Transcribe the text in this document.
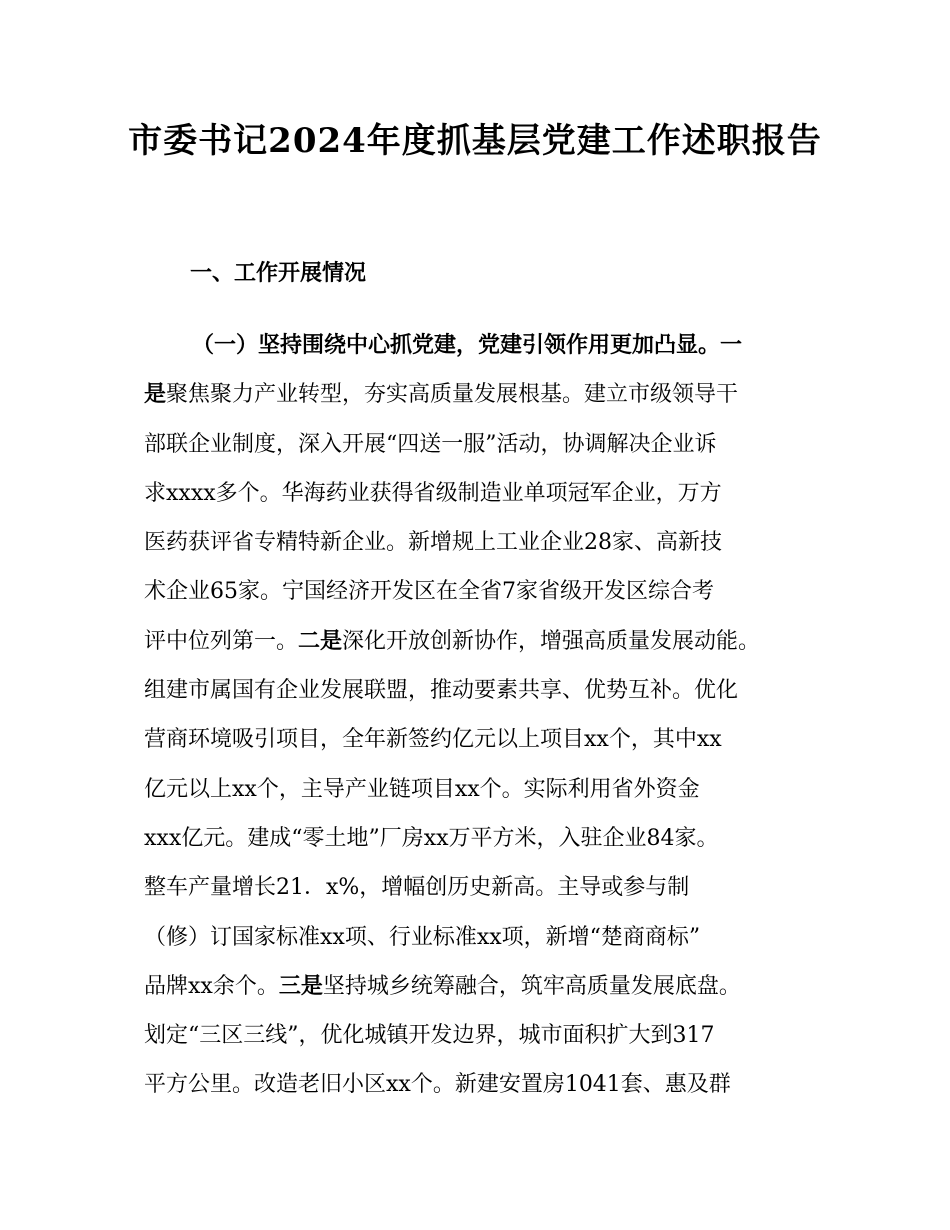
市委书记2024年度抓基层党建工作述职报告
一、工作开展情况
（一）坚持围绕中心抓党建，党建引领作用更加凸显。一
是聚焦聚力产业转型，夯实高质量发展根基。建立市级领导干
部联企业制度，深入开展“四送一服”活动，协调解决企业诉
求xxxx多个。华海药业获得省级制造业单项冠军企业，万方
医药获评省专精特新企业。新增规上工业企业28家、高新技
术企业65家。宁国经济开发区在全省7家省级开发区综合考
评中位列第一。二是深化开放创新协作，增强高质量发展动能。
组建市属国有企业发展联盟，推动要素共享、优势互补。优化
营商环境吸引项目，全年新签约亿元以上项目xx个，其中xx
亿元以上xx个，主导产业链项目xx个。实际利用省外资金
xxx亿元。建成“零土地”厂房xx万平方米，入驻企业84家。
整车产量增长21．x%，增幅创历史新高。主导或参与制
（修）订国家标准xx项、行业标准xx项，新增“楚商商标”
品牌xx余个。三是坚持城乡统筹融合，筑牢高质量发展底盘。
划定“三区三线”，优化城镇开发边界，城市面积扩大到317
平方公里。改造老旧小区xx个。新建安置房1041套、惠及群
